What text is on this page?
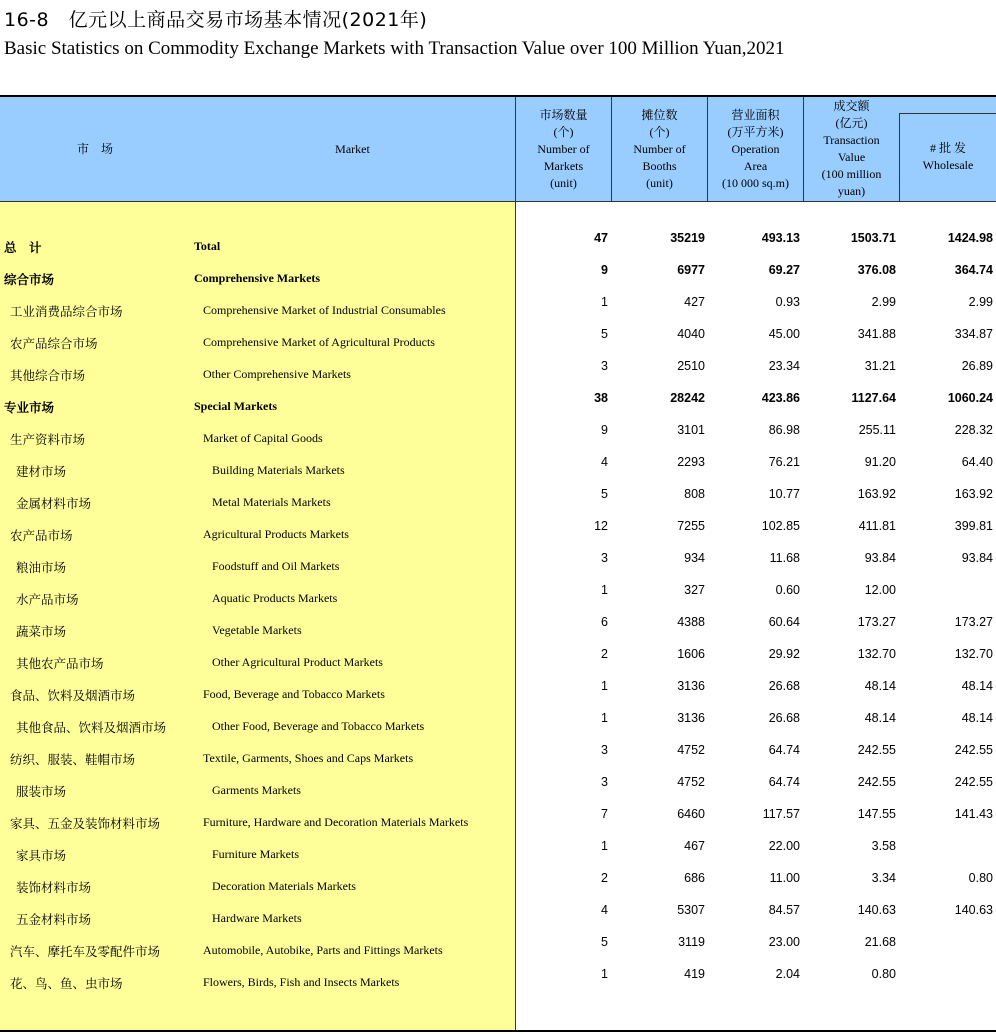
16-8　亿元以上商品交易市场基本情况(2021年)
Basic Statistics on Commodity Exchange Markets with Transaction Value over 100 Million Yuan,2021
市　场	Market
市场数量
(个)
Number of
Markets
(unit)
摊位数
(个)
Number of
Booths
(unit)
营业面积
(万平方米)
Operation
Area
(10 000 sq.m)
成交额
(亿元)
Transaction
Value
(100 million
yuan)
# 批 发
Wholesale
总　计	Total
47	35219	493.13	1503.71	1424.98
综合市场	Comprehensive Markets
9	6977	69.27	376.08	364.74
工业消费品综合市场	Comprehensive Market of Industrial Consumables
1	427	0.93	2.99	2.99
农产品综合市场	Comprehensive Market of Agricultural Products
5	4040	45.00	341.88	334.87
其他综合市场	Other Comprehensive Markets
3	2510	23.34	31.21	26.89
专业市场	Special Markets
38	28242	423.86	1127.64	1060.24
生产资料市场	Market of Capital Goods
9	3101	86.98	255.11	228.32
建材市场	Building Materials Markets
4	2293	76.21	91.20	64.40
金属材料市场	Metal Materials Markets
5	808	10.77	163.92	163.92
农产品市场	Agricultural Products Markets
12	7255	102.85	411.81	399.81
粮油市场	Foodstuff and Oil Markets
3	934	11.68	93.84	93.84
水产品市场	Aquatic Products Markets
1	327	0.60	12.00
蔬菜市场	Vegetable Markets
6	4388	60.64	173.27	173.27
其他农产品市场	Other Agricultural Product Markets
2	1606	29.92	132.70	132.70
食品、饮料及烟酒市场	Food, Beverage and Tobacco Markets
1	3136	26.68	48.14	48.14
其他食品、饮料及烟酒市场	Other Food, Beverage and Tobacco Markets
1	3136	26.68	48.14	48.14
纺织、服装、鞋帽市场	Textile, Garments, Shoes and Caps Markets
3	4752	64.74	242.55	242.55
服装市场	Garments Markets
3	4752	64.74	242.55	242.55
家具、五金及装饰材料市场	Furniture, Hardware and Decoration Materials Markets
7	6460	117.57	147.55	141.43
家具市场	Furniture Markets
1	467	22.00	3.58
装饰材料市场	Decoration Materials Markets
2	686	11.00	3.34	0.80
五金材料市场	Hardware Markets
4	5307	84.57	140.63	140.63
汽车、摩托车及零配件市场	Automobile, Autobike, Parts and Fittings Markets
5	3119	23.00	21.68
花、鸟、鱼、虫市场	Flowers, Birds, Fish and Insects Markets
1	419	2.04	0.80
